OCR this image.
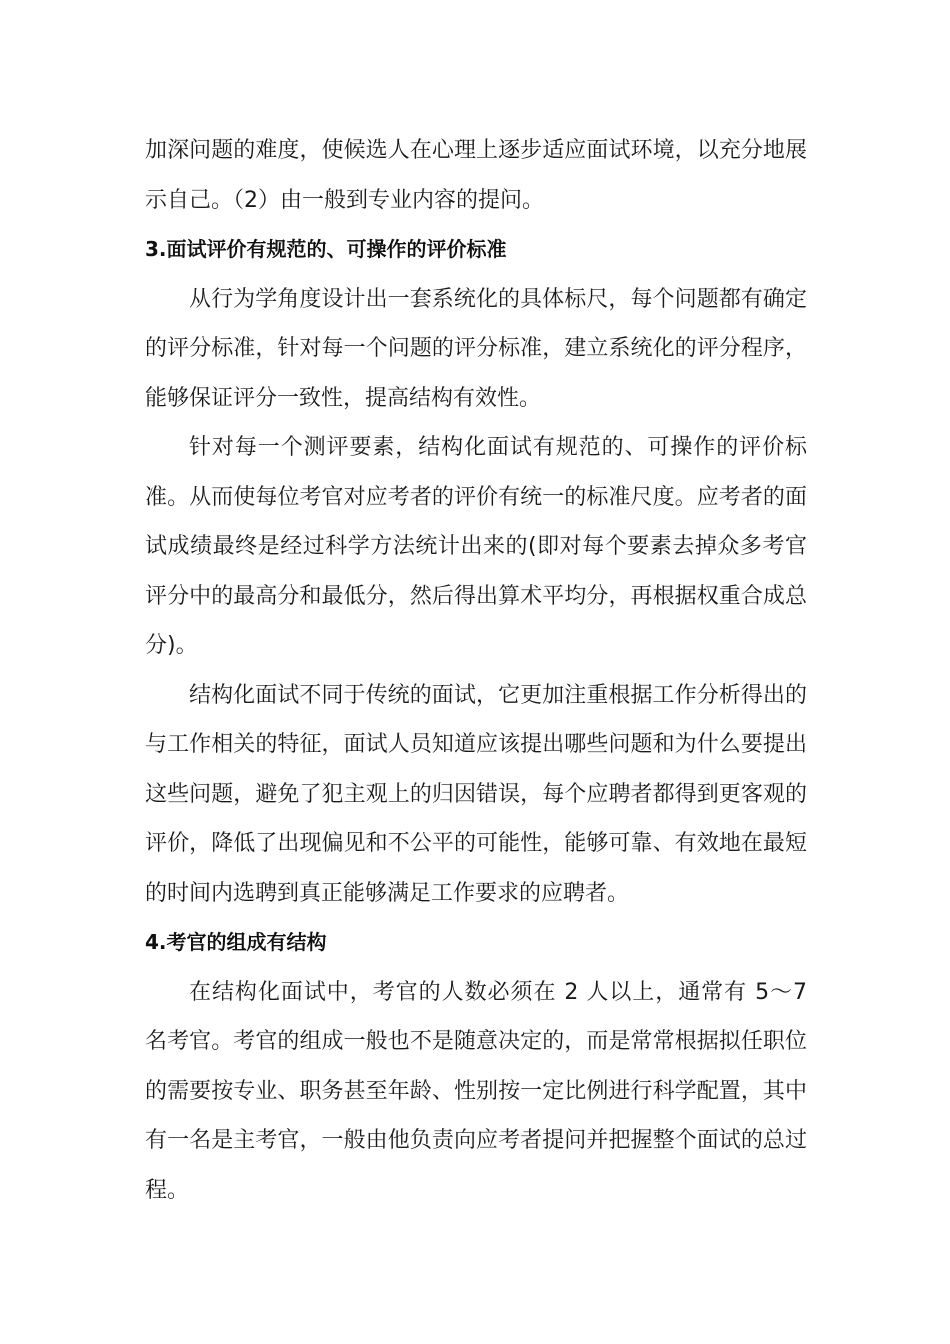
加深问题的难度，使候选人在心理上逐步适应面试环境，以充分地展示自己。（2）由一般到专业内容的提问。

3.面试评价有规范的、可操作的评价标准

从行为学角度设计出一套系统化的具体标尺，每个问题都有确定的评分标准，针对每一个问题的评分标准，建立系统化的评分程序，能够保证评分一致性，提高结构有效性。

针对每一个测评要素，结构化面试有规范的、可操作的评价标准。从而使每位考官对应考者的评价有统一的标准尺度。应考者的面试成绩最终是经过科学方法统计出来的(即对每个要素去掉众多考官评分中的最高分和最低分，然后得出算术平均分，再根据权重合成总分)。

结构化面试不同于传统的面试，它更加注重根据工作分析得出的与工作相关的特征，面试人员知道应该提出哪些问题和为什么要提出这些问题，避免了犯主观上的归因错误，每个应聘者都得到更客观的评价，降低了出现偏见和不公平的可能性，能够可靠、有效地在最短的时间内选聘到真正能够满足工作要求的应聘者。

4.考官的组成有结构

在结构化面试中，考官的人数必须在 2 人以上，通常有 5～7 名考官。考官的组成一般也不是随意决定的，而是常常根据拟任职位的需要按专业、职务甚至年龄、性别按一定比例进行科学配置，其中有一名是主考官，一般由他负责向应考者提问并把握整个面试的总过程。
